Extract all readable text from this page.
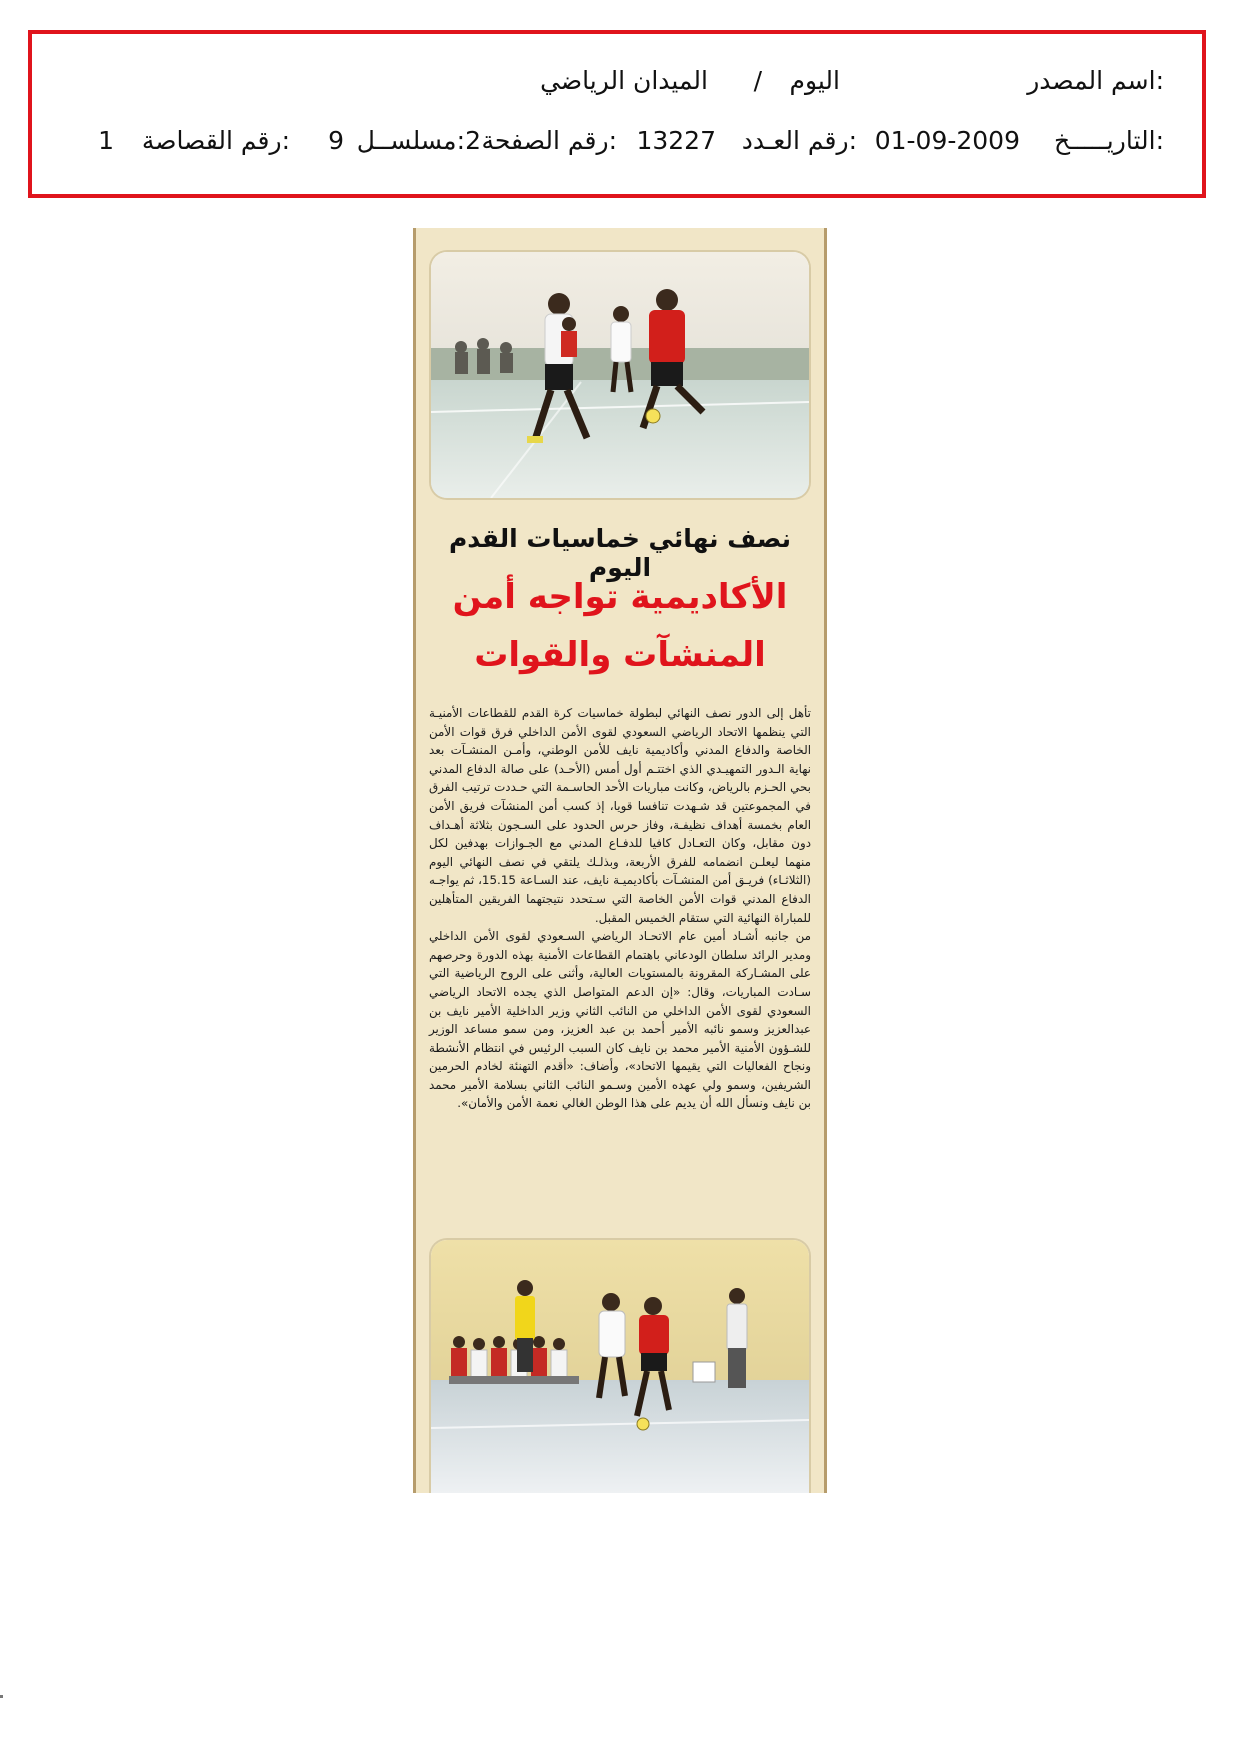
اسم المصدر:
اليوم
/
الميدان الرياضي
التاريـــــخ:
01-09-2009
رقم العـدد:
13227
رقم الصفحة:
2
مسلســل:
9
رقم القصاصة:
1
نصف نهائي خماسيات القدم اليوم
الأكاديمية تواجه أمن المنشآت والقوات

تأهل إلى الدور نصف النهائي لبطولة خماسيات كرة القدم للقطاعات الأمنيـة التي ينظمها الاتحاد الرياضي السعودي لقوى الأمن الداخلي فرق قوات الأمن الخاصة والدفاع المدني وأكاديمية نايف للأمن الوطني، وأمـن المنشـآت بعد نهاية الـدور التمهيـدي الذي اختتـم أول أمس (الأحـد) على صالة الدفاع المدني بحي الحـزم بالرياض، وكانت مباريات الأحد الحاسـمة التي حـددت ترتيب الفرق في المجموعتين قد شـهدت تنافسا قويا، إذ كسب أمن المنشآت فريق الأمن العام بخمسة أهداف نظيفـة، وفاز حرس الحدود على السـجون بثلاثة أهـداف دون مقابل، وكان التعـادل كافيا للدفـاع المدني مع الجـوازات بهدفين لكل منهما ليعلـن انضمامه للفرق الأربعة، وبذلـك يلتقي في نصف النهائي اليوم (الثلاثـاء) فريـق أمن المنشـآت بأكاديميـة نايف، عند السـاعة 15.15، ثم يواجـه الدفاع المدني قوات الأمن الخاصة التي سـتحدد نتيجتهما الفريقين المتأهلين للمباراة النهائية التي ستقام الخميس المقبل.

من جانبه أشـاد أمين عام الاتحـاد الرياضي السـعودي لقوى الأمن الداخلي ومدير الرائد سلطان الودعاني باهتمام القطاعات الأمنية بهذه الدورة وحرصهم على المشـاركة المقرونة بالمستويات العالية، وأثنى على الروح الرياضية التي سـادت المباريات، وقال: «إن الدعم المتواصل الذي يجده الاتحاد الرياضي السعودي لقوى الأمن الداخلي من النائب الثاني وزير الداخلية الأمير نايف بن عبدالعزيز وسمو نائبه الأمير أحمد بن عبد العزيز، ومن سمو مساعد الوزير للشـؤون الأمنية الأمير محمد بن نايف كان السبب الرئيس في انتظام الأنشطة ونجاح الفعاليات التي يقيمها الاتحاد»، وأضاف: «أقدم التهنئة لخادم الحرمين الشريفين، وسمو ولي عهده الأمين وسـمو النائب الثاني بسلامة الأمير محمد بن نايف ونسأل الله أن يديم على هذا الوطن الغالي نعمة الأمن والأمان».
